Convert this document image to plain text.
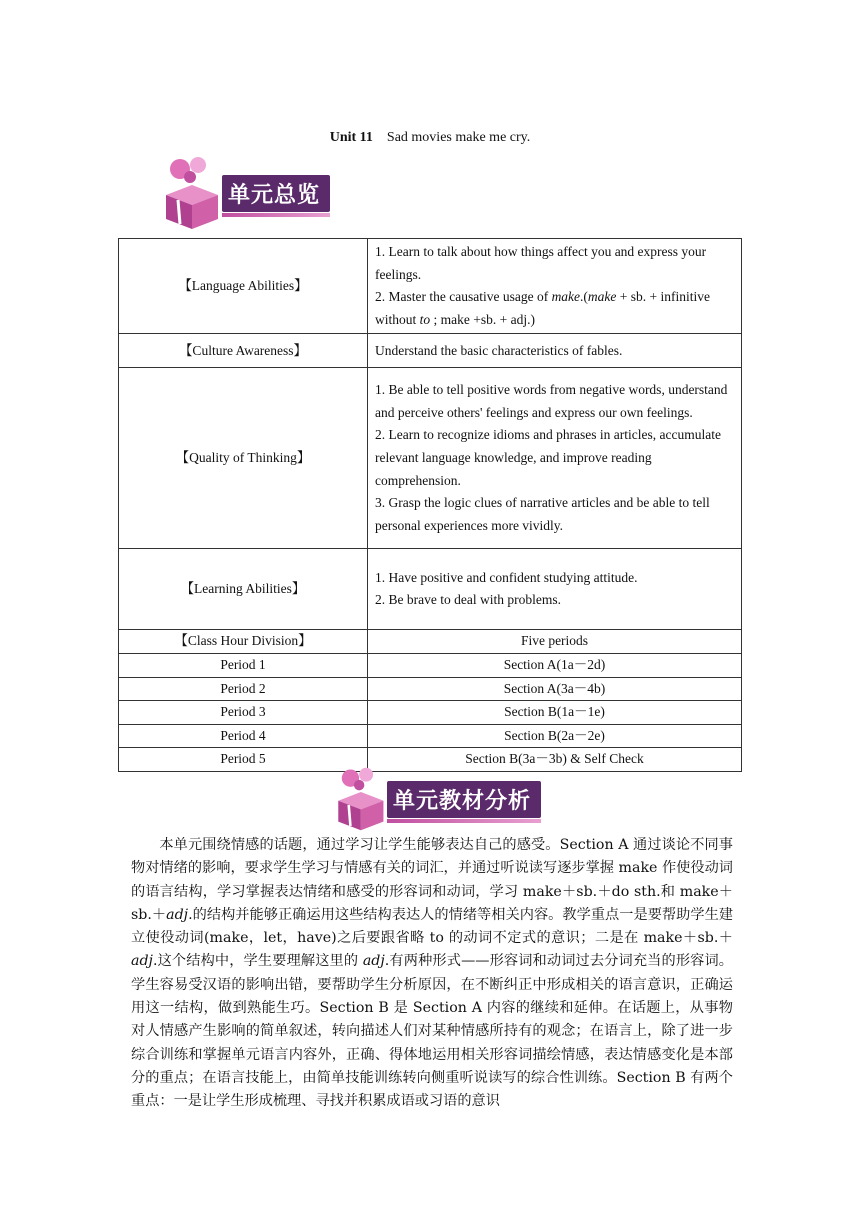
Unit 11 Sad movies make me cry.
单元总览
【Language Abilities】	1. Learn to talk about how things affect you and express your feelings.

2. Master the causative usage of make.(make + sb. + infinitive without to ; make +sb. + adj.)

【Culture Awareness】	Understand the basic characteristics of fables.
【Quality of Thinking】	1. Be able to tell positive words from negative words, understand and perceive others' feelings and express our own feelings.

2. Learn to recognize idioms and phrases in articles, accumulate relevant language knowledge, and improve reading comprehension.

3. Grasp the logic clues of narrative articles and be able to tell personal experiences more vividly.

【Learning Abilities】	1. Have positive and confident studying attitude.

2. Be brave to deal with problems.

【Class Hour Division】	Five periods
Period 1	Section A(1a－2d)
Period 2	Section A(3a－4b)
Period 3	Section B(1a－1e)
Period 4	Section B(2a－2e)
Period 5	Section B(3a－3b) & Self Check
单元教材分析

本单元围绕情感的话题，通过学习让学生能够表达自己的感受。Section A 通过谈论不同事物对情绪的影响，要求学生学习与情感有关的词汇，并通过听说读写逐步掌握 make 作使役动词的语言结构，学习掌握表达情绪和感受的形容词和动词，学习 make＋sb.＋do sth.和 make＋sb.＋adj.的结构并能够正确运用这些结构表达人的情绪等相关内容。教学重点一是要帮助学生建立使役动词(make，let，have)之后要跟省略 to 的动词不定式的意识；二是在 make＋sb.＋adj.这个结构中，学生要理解这里的 adj.有两种形式——形容词和动词过去分词充当的形容词。学生容易受汉语的影响出错，要帮助学生分析原因，在不断纠正中形成相关的语言意识，正确运用这一结构，做到熟能生巧。Section B 是 Section A 内容的继续和延伸。在话题上，从事物对人情感产生影响的简单叙述，转向描述人们对某种情感所持有的观念；在语言上，除了进一步综合训练和掌握单元语言内容外，正确、得体地运用相关形容词描绘情感，表达情感变化是本部分的重点；在语言技能上，由简单技能训练转向侧重听说读写的综合性训练。Section B 有两个重点：一是让学生形成梳理、寻找并积累成语或习语的意识
